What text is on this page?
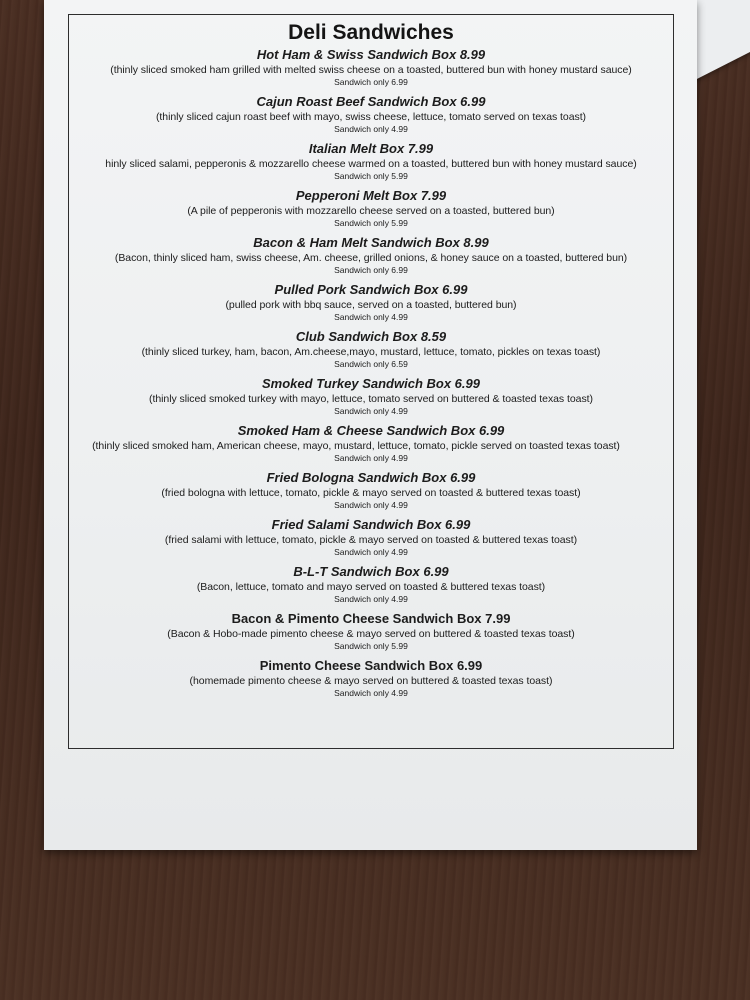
Deli Sandwiches
Hot Ham & Swiss Sandwich Box 8.99
(thinly sliced smoked ham grilled with melted swiss cheese on a toasted, buttered bun with honey mustard sauce)
Sandwich only 6.99
Cajun Roast Beef Sandwich Box 6.99
(thinly sliced cajun roast beef with mayo, swiss cheese, lettuce, tomato served on texas toast)
Sandwich only 4.99
Italian Melt Box 7.99
hinly sliced salami, pepperonis & mozzarello cheese warmed on a toasted, buttered bun with honey mustard sauce)
Sandwich only 5.99
Pepperoni Melt Box 7.99
(A pile of pepperonis with mozzarello cheese served on a toasted, buttered bun)
Sandwich only 5.99
Bacon & Ham Melt Sandwich Box 8.99
(Bacon, thinly sliced ham, swiss cheese, Am. cheese, grilled onions, & honey sauce on a toasted, buttered bun)
Sandwich only 6.99
Pulled Pork Sandwich Box 6.99
(pulled pork with bbq sauce, served on a toasted, buttered bun)
Sandwich only 4.99
Club Sandwich Box 8.59
(thinly sliced turkey, ham, bacon, Am.cheese,mayo, mustard, lettuce, tomato, pickles on texas toast)
Sandwich only 6.59
Smoked Turkey Sandwich Box 6.99
(thinly sliced smoked turkey with mayo, lettuce, tomato served on buttered & toasted texas toast)
Sandwich only 4.99
Smoked Ham & Cheese Sandwich Box 6.99
(thinly sliced smoked ham, American cheese, mayo, mustard, lettuce, tomato, pickle served on toasted texas toast)
Sandwich only 4.99
Fried Bologna Sandwich Box 6.99
(fried bologna with lettuce, tomato, pickle & mayo served on toasted & buttered texas toast)
Sandwich only 4.99
Fried Salami Sandwich Box 6.99
(fried salami with lettuce, tomato, pickle & mayo served on toasted & buttered texas toast)
Sandwich only 4.99
B-L-T Sandwich Box 6.99
(Bacon, lettuce, tomato and mayo served on toasted & buttered texas toast)
Sandwich only 4.99
Bacon & Pimento Cheese Sandwich Box 7.99
(Bacon & Hobo-made pimento cheese & mayo served on buttered & toasted texas toast)
Sandwich only 5.99
Pimento Cheese Sandwich Box 6.99
(homemade pimento cheese & mayo served on buttered & toasted texas toast)
Sandwich only 4.99
